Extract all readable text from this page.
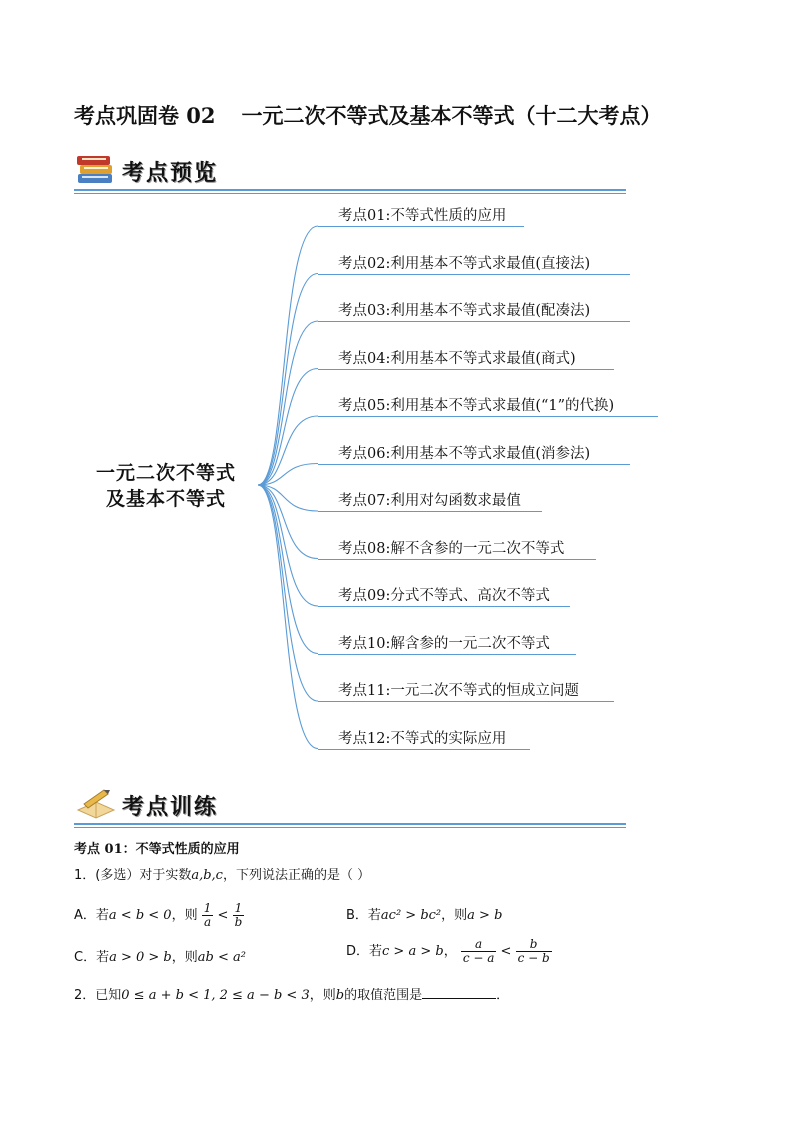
考点巩固卷 02 一元二次不等式及基本不等式（十二大考点）
考点预览
一元二次不等式
及基本不等式
考点01:不等式性质的应用
考点02:利用基本不等式求最值(直接法)
考点03:利用基本不等式求最值(配凑法)
考点04:利用基本不等式求最值(商式)
考点05:利用基本不等式求最值(“1”的代换)
考点06:利用基本不等式求最值(消参法)
考点07:利用对勾函数求最值
考点08:解不含参的一元二次不等式
考点09:分式不等式、高次不等式
考点10:解含参的一元二次不等式
考点11:一元二次不等式的恒成立问题
考点12:不等式的实际应用
考点训练
考点 01：不等式性质的应用
1．(多选）对于实数a,b,c，下列说法正确的是（ ）
A．若a < b < 0，则 $\frac{1}{a} < \frac{1}{b}$	B．若ac² > bc²，则a > b
C．若a > 0 > b，则ab < a²	D．若c > a > b， $\frac{a}{c - a} < \frac{b}{c - b}$
2．已知0 ≤ a + b < 1, 2 ≤ a − b < 3，则b的取值范围是	．
